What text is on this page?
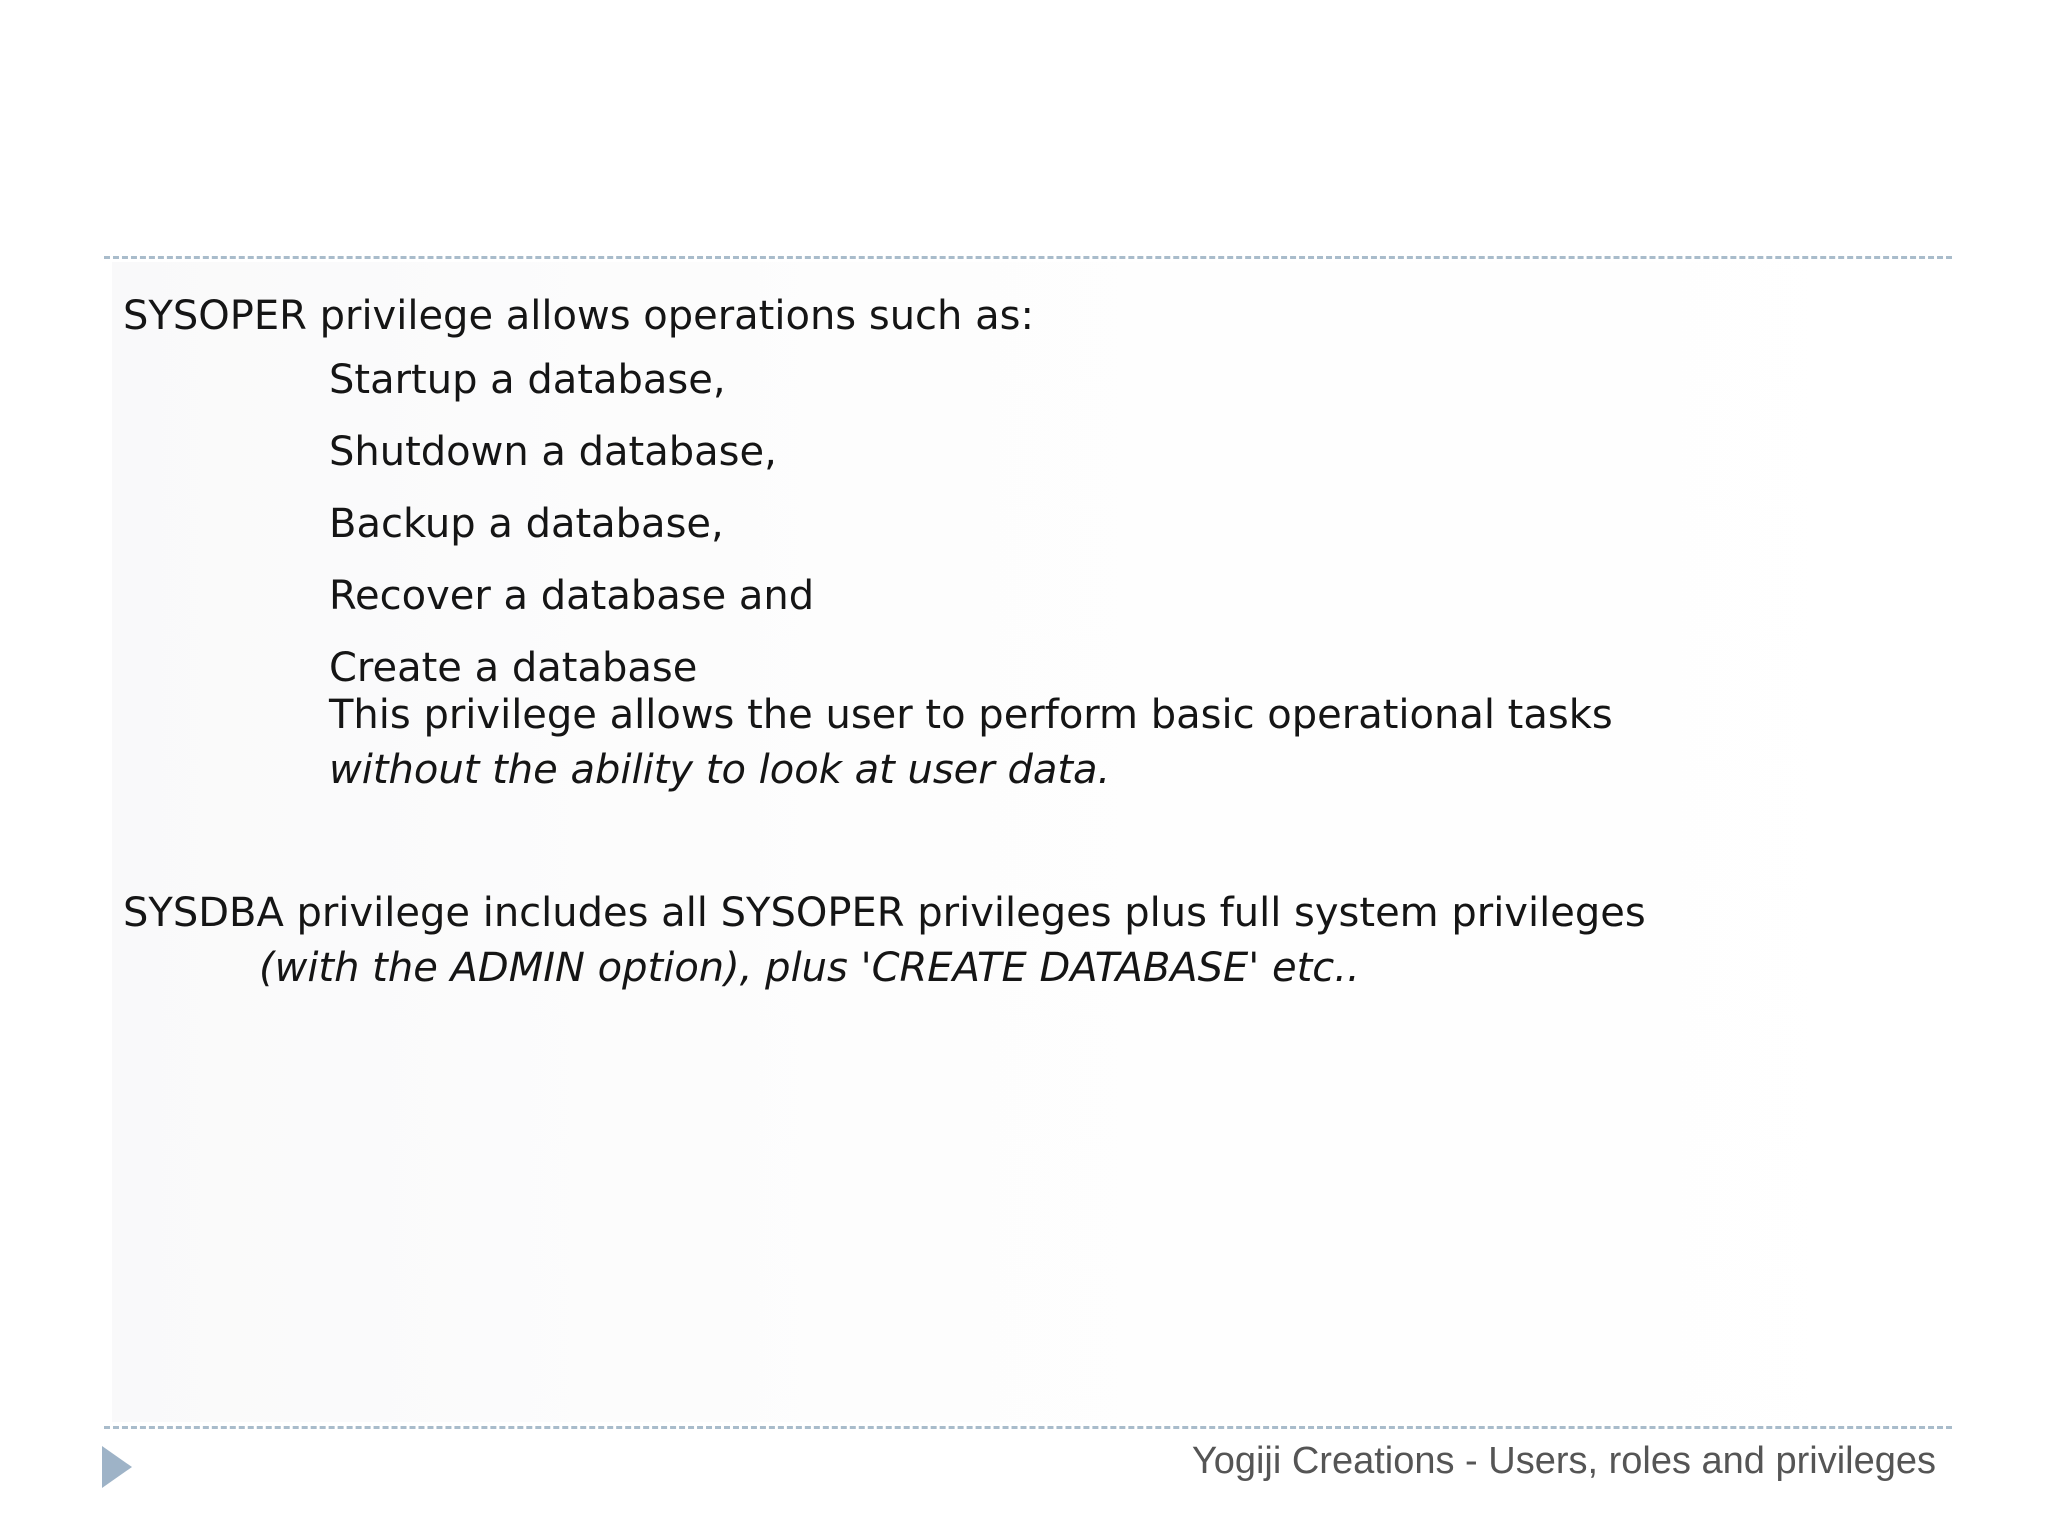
SYSOPER privilege allows operations such as:
Startup a database,
Shutdown a database,
Backup a database,
Recover a database and
Create a database
This privilege allows the user to perform basic operational tasks
without the ability to look at user data.
SYSDBA privilege includes all SYSOPER privileges plus full system privileges
(with the ADMIN option), plus 'CREATE DATABASE' etc..
Yogiji Creations - Users, roles and privileges
